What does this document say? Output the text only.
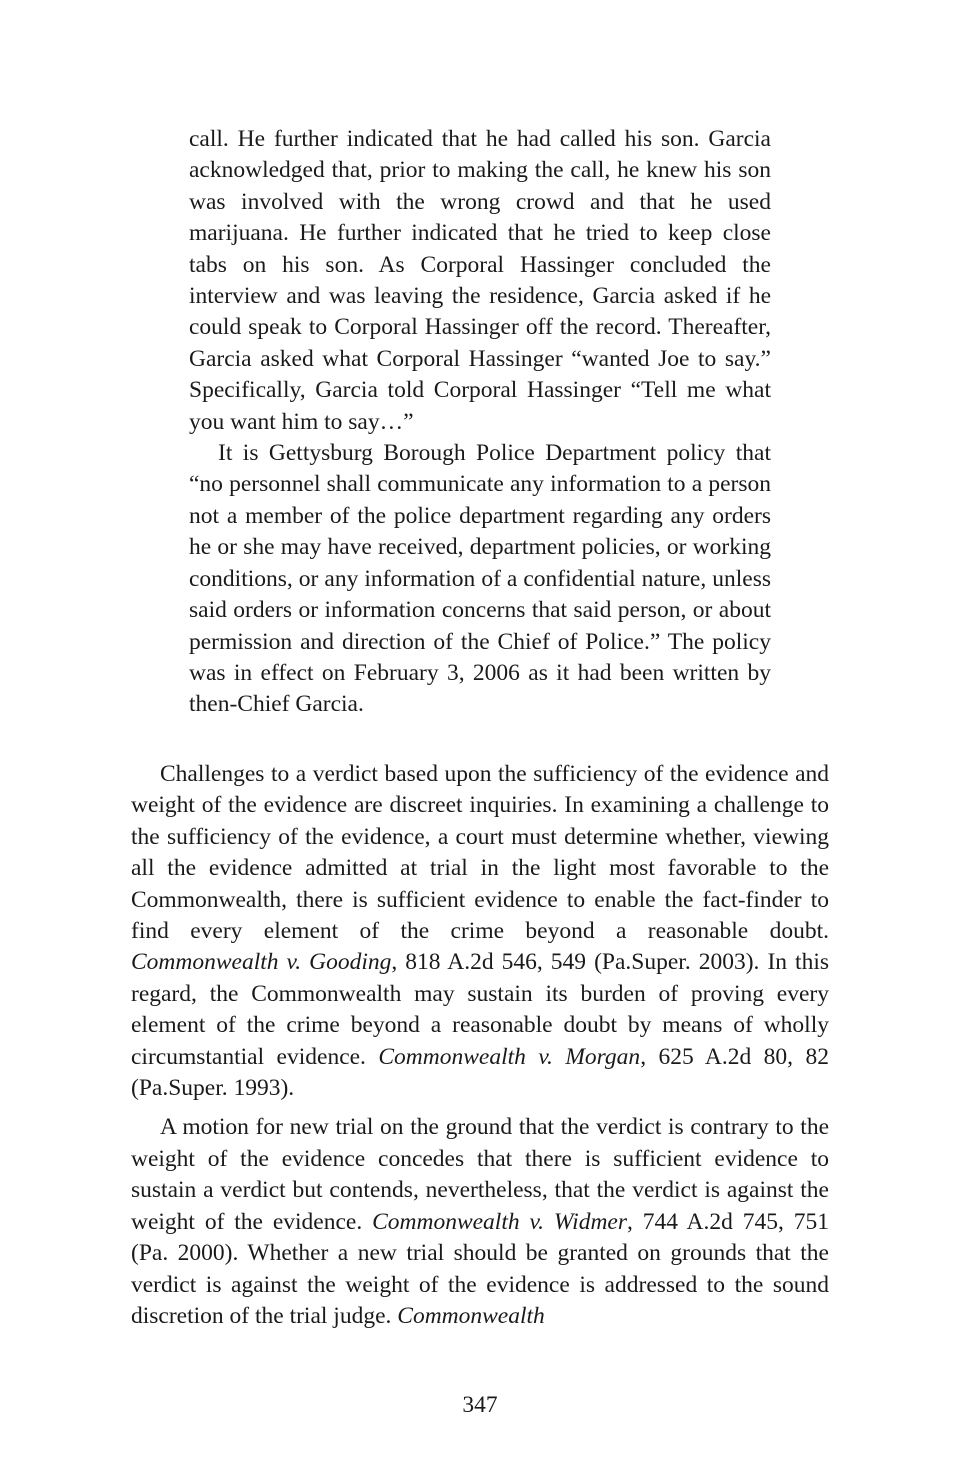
call. He further indicated that he had called his son. Garcia acknowledged that, prior to making the call, he knew his son was involved with the wrong crowd and that he used marijuana. He further indicated that he tried to keep close tabs on his son. As Corporal Hassinger concluded the interview and was leaving the residence, Garcia asked if he could speak to Corporal Hassinger off the record. Thereafter, Garcia asked what Corporal Hassinger “wanted Joe to say.” Specifically, Garcia told Corporal Hassinger “Tell me what you want him to say…”

It is Gettysburg Borough Police Department policy that “no personnel shall communicate any information to a person not a member of the police department regarding any orders he or she may have received, department policies, or working conditions, or any information of a confidential nature, unless said orders or information concerns that said person, or about permission and direction of the Chief of Police.” The policy was in effect on February 3, 2006 as it had been written by then-Chief Garcia.

Challenges to a verdict based upon the sufficiency of the evidence and weight of the evidence are discreet inquiries. In examining a challenge to the sufficiency of the evidence, a court must determine whether, viewing all the evidence admitted at trial in the light most favorable to the Commonwealth, there is sufficient evidence to enable the fact-finder to find every element of the crime beyond a reasonable doubt. Commonwealth v. Gooding, 818 A.2d 546, 549 (Pa.Super. 2003). In this regard, the Commonwealth may sustain its burden of proving every element of the crime beyond a reasonable doubt by means of wholly circumstantial evidence. Commonwealth v. Morgan, 625 A.2d 80, 82 (Pa.Super. 1993).

A motion for new trial on the ground that the verdict is contrary to the weight of the evidence concedes that there is sufficient evidence to sustain a verdict but contends, nevertheless, that the verdict is against the weight of the evidence. Commonwealth v. Widmer, 744 A.2d 745, 751 (Pa. 2000). Whether a new trial should be granted on grounds that the verdict is against the weight of the evidence is addressed to the sound discretion of the trial judge. Commonwealth

347
